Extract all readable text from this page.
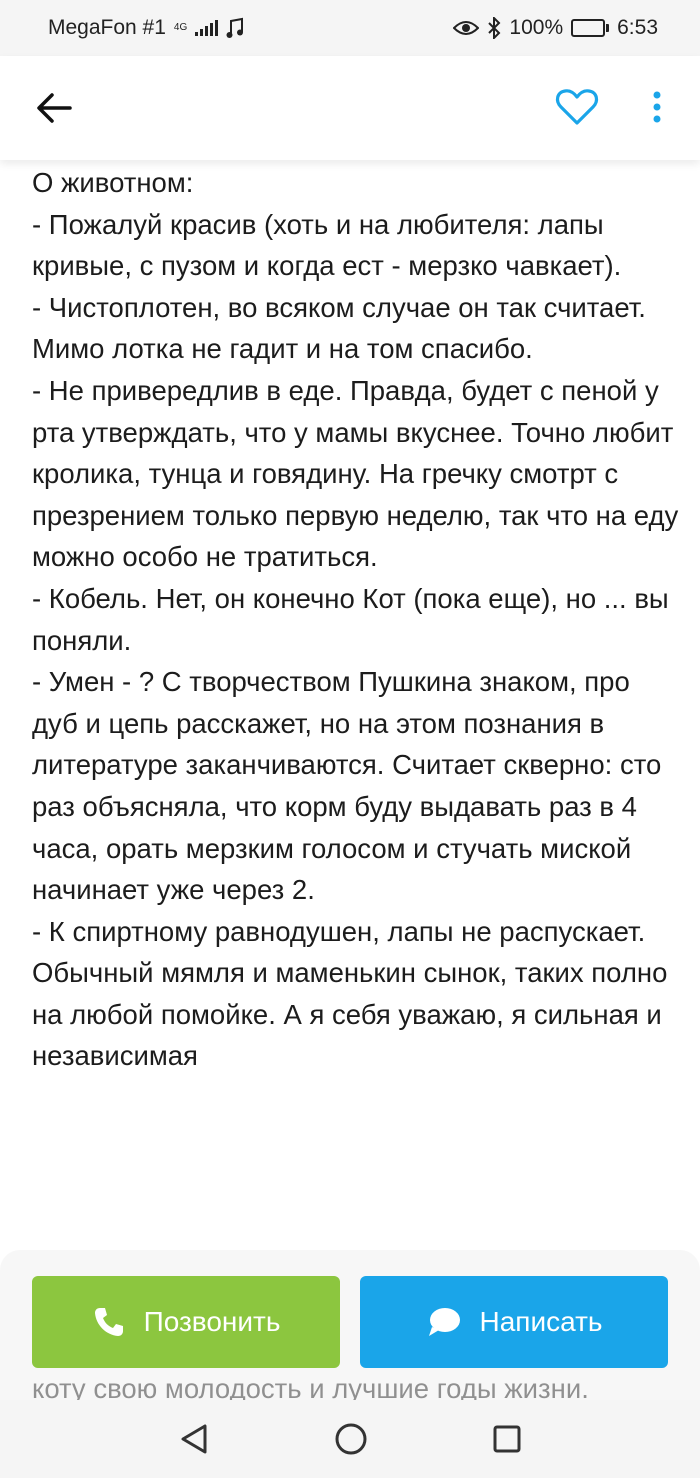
MegaFon #1 4G	100%	6:53

О животном:

- Пожалуй красив (хоть и на любителя: лапы кривые, с пузом и когда ест - мерзко чавкает).

- Чистоплотен, во всяком случае он так считает. Мимо лотка не гадит и на том спасибо.

- Не привередлив в еде. Правда, будет с пеной у рта утверждать, что у мамы вкуснее. Точно любит кролика, тунца и говядину. На гречку смотрт с презрением только первую неделю, так что на еду можно особо не тратиться.

- Кобель. Нет, он конечно Кот (пока еще), но ... вы поняли.

- Умен - ? С творчеством Пушкина знаком, про дуб и цепь расскажет, но на этом познания в литературе заканчиваются. Считает скверно: сто раз объясняла, что корм буду выдавать раз в 4 часа, орать мерзким голосом и стучать миской начинает уже через 2.

- К спиртному равнодушен, лапы не распускает. Обычный мямля и маменькин сынок, таких полно на любой помойке. А я себя уважаю, я сильная и независимая

Позвонить	Написать
